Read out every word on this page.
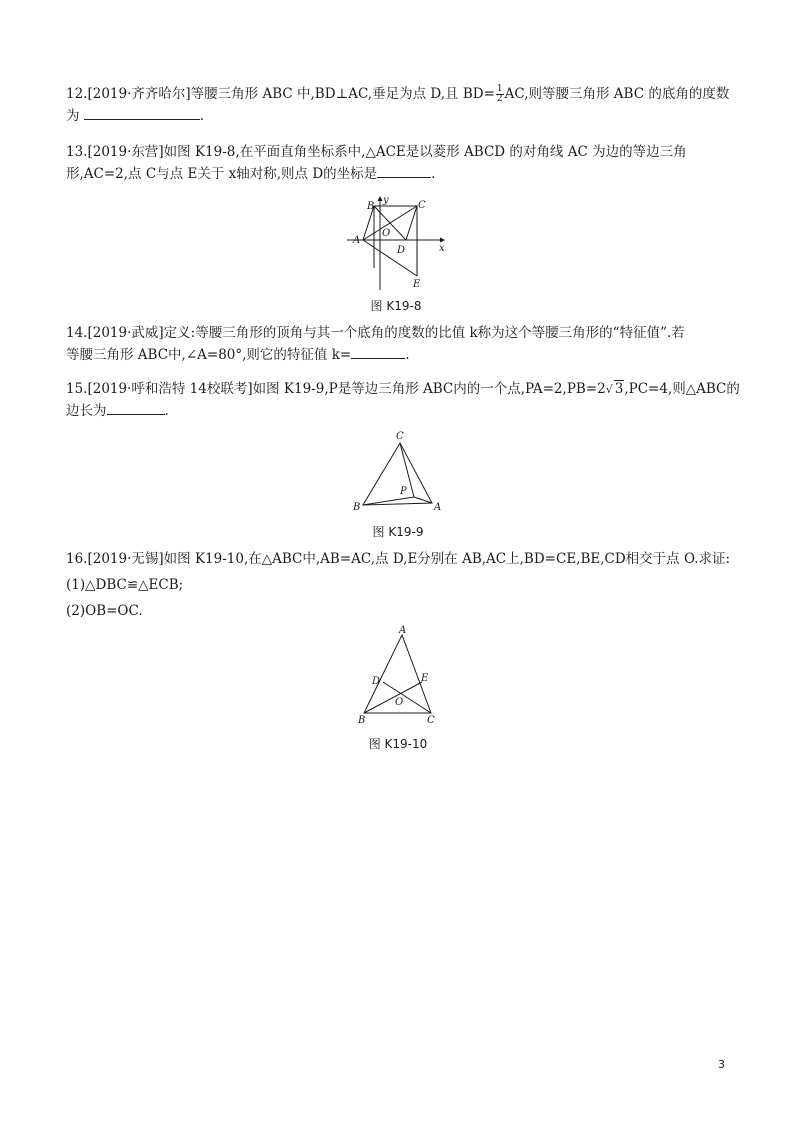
12.[2019·齐齐哈尔]等腰三角形 ABC 中,BD⊥AC,垂足为点 D,且 $BD= \frac{1}{2}$ AC,则等腰三角形 ABC 的底角的度数
为	.
13.[2019·东营]如图 K19-8,在平面直角坐标系中,△ACE是以菱形 ABCD 的对角线 AC 为边的等边三角
形,AC=2,点 C与点 E关于 x轴对称,则点 D的坐标是	.
A
B	C
D
E
O
x
y
图 K19-8
14.[2019·武威]定义:等腰三角形的顶角与其一个底角的度数的比值 k称为这个等腰三角形的“特征值”.若
等腰三角形 ABC中,∠A=80°,则它的特征值 k=	.
15.[2019·呼和浩特 14校联考]如图 K19-9,P是等边三角形 ABC内的一个点,PA=2,PB=2√ 3,PC=4,则△ABC的
边长为	.
C
B	A
P
图 K19-9
16.[2019·无锡]如图 K19-10,在△ABC中,AB=AC,点 D,E分别在 AB,AC上,BD=CE,BE,CD相交于点 O.求证:
(1)△DBC≌△ECB;
(2)OB=OC.
A
B	C
D	E
O
图 K19-10
3
